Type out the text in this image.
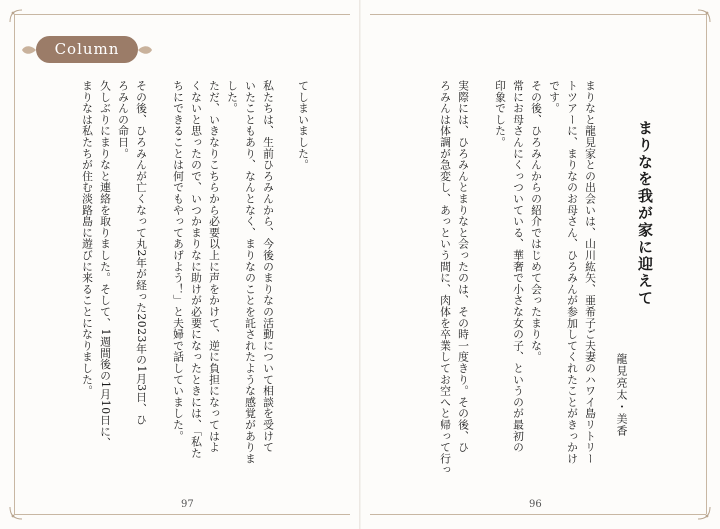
Column
まりなを我が家に迎えて
龍見亮太・美香
まりなと龍見家との出会いは、山川紘矢、亜希子ご夫妻のハワイ島リトリー
トツアーに、まりなのお母さん、ひろみんが参加してくれたことがきっかけ
です。
その後、ひろみんからの紹介ではじめて会ったまりな。
常にお母さんにくっついている、華奢で小さな女の子、というのが最初の
印象でした。
実際には、ひろみんとまりなと会ったのは、その時一度きり。その後、ひ
ろみんは体調が急変し、あっという間に、肉体を卒業してお空へと帰って行っ
てしまいました。
私たちは、生前ひろみんから、今後のまりなの活動について相談を受けて
いたこともあり、なんとなく、まりなのことを託されたような感覚がありま
した。
ただ、いきなりこちらから必要以上に声をかけて、逆に負担になってはよ
くないと思ったので、いつかまりなに助けが必要になったときには、「私た
ちにできることは何でもやってあげよう！」と夫婦で話していました。
その後、ひろみんが亡くなって丸2年が経った2023年の1月3日、ひ
ろみんの命日。
久しぶりにまりなと連絡を取りました。そして、1週間後の1月10日に、
まりなは私たちが住む淡路島に遊びに来ることになりました。
97	96
